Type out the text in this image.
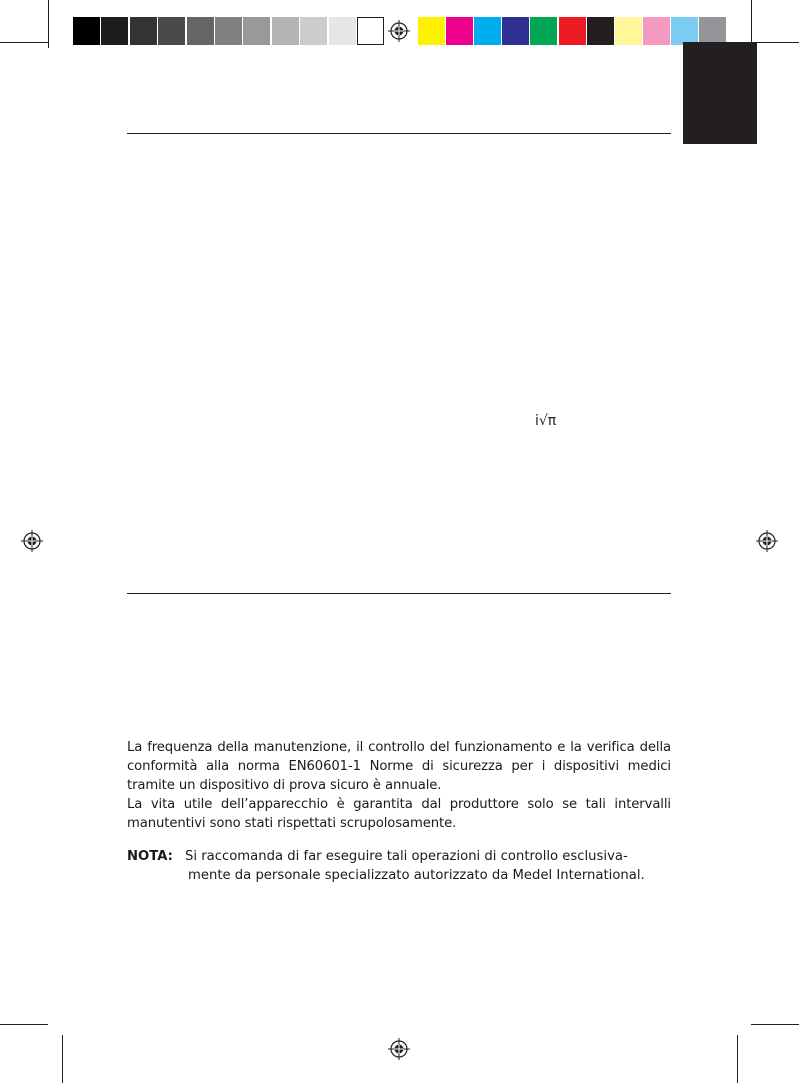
i√π

La frequenza della manutenzione, il controllo del funzionamento e la verifica della conformità alla norma EN60601-1 Norme di sicurezza per i dispositivi medici tramite un dispositivo di prova sicuro è annuale.

La vita utile dell’apparecchio è garantita dal produttore solo se tali intervalli manutentivi sono stati rispettati scrupolosamente.

NOTA: Si raccomanda di far eseguire tali operazioni di controllo esclusiva-
mente da personale specializzato autorizzato da Medel International.
